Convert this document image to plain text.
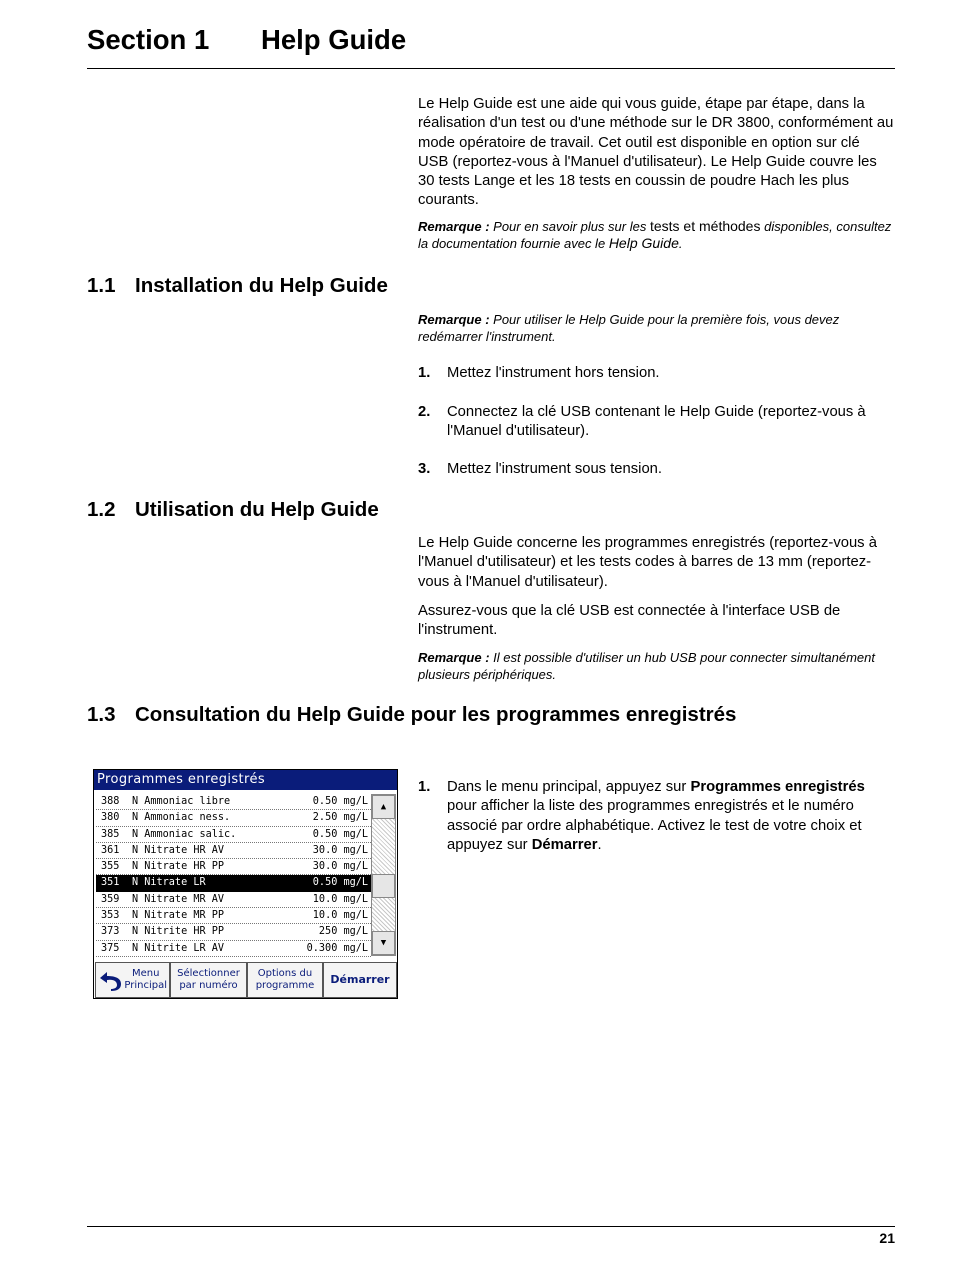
Section 1 Help Guide

Le Help Guide est une aide qui vous guide, étape par étape, dans la réalisation d'un test ou d'une méthode sur le DR 3800, conformément au mode opératoire de travail. Cet outil est disponible en option sur clé USB (reportez-vous à l'Manuel d'utilisateur). Le Help Guide couvre les 30 tests Lange et les 18 tests en coussin de poudre Hach les plus courants.

Remarque : Pour en savoir plus sur les tests et méthodes disponibles, consultez la documentation fournie avec le Help Guide.

1.1 Installation du Help Guide

Remarque : Pour utiliser le Help Guide pour la première fois, vous devez redémarrer l'instrument.

1. Mettez l'instrument hors tension.
2. Connectez la clé USB contenant le Help Guide (reportez-vous à l'Manuel d'utilisateur).
3. Mettez l'instrument sous tension.
1.2 Utilisation du Help Guide

Le Help Guide concerne les programmes enregistrés (reportez-vous à l'Manuel d'utilisateur) et les tests codes à barres de 13 mm (reportez-vous à l'Manuel d'utilisateur).

Assurez-vous que la clé USB est connectée à l'interface USB de l'instrument.

Remarque : Il est possible d'utiliser un hub USB pour connecter simultanément plusieurs périphériques.

1.3 Consultation du Help Guide pour les programmes enregistrés
1. Dans le menu principal, appuyez sur Programmes enregistrés pour afficher la liste des programmes enregistrés et le numéro associé par ordre alphabétique. Activez le test de votre choix et appuyez sur Démarrer.
Programmes enregistrés
388 N Ammoniac libre	0.50 mg/L
380 N Ammoniac ness.	2.50 mg/L
385 N Ammoniac salic.	0.50 mg/L
361 N Nitrate HR AV	30.0 mg/L
355 N Nitrate HR PP	30.0 mg/L
351 N Nitrate LR	0.50 mg/L
359 N Nitrate MR AV	10.0 mg/L
353 N Nitrate MR PP	10.0 mg/L
373 N Nitrite HR PP	250 mg/L
375 N Nitrite LR AV	0.300 mg/L
▲
▼
Menu
Principal
Sélectionner
par numéro
Options du
programme Démarrer
21
